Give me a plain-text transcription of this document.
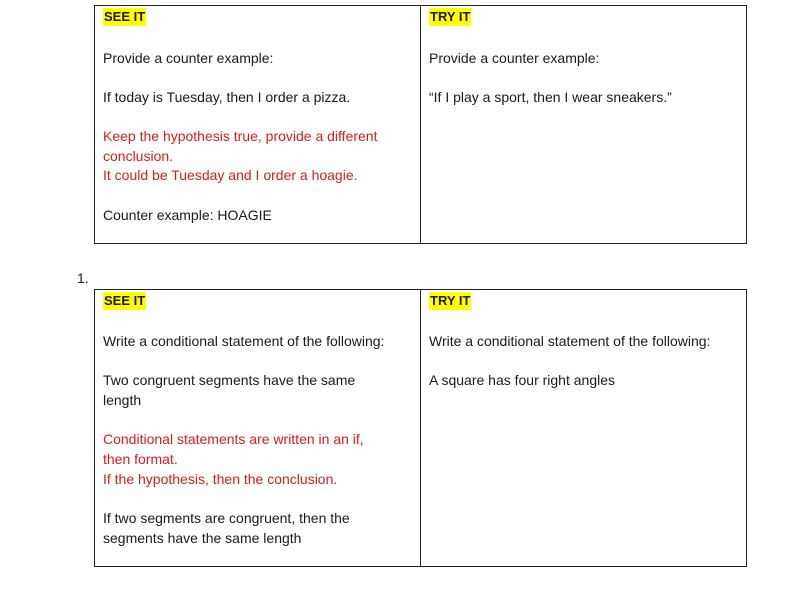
SEE IT
Provide a counter example:
If today is Tuesday, then I order a pizza.
Keep the hypothesis true, provide a different
conclusion.
It could be Tuesday and I order a hoagie.
Counter example: HOAGIE

TRY IT
Provide a counter example:
“If I play a sport, then I wear sneakers.”
1.
SEE IT
Write a conditional statement of the following:
Two congruent segments have the same
length
Conditional statements are written in an if,
then format.
If the hypothesis, then the conclusion.
If two segments are congruent, then the
segments have the same length

TRY IT
Write a conditional statement of the following:
A square has four right angles
